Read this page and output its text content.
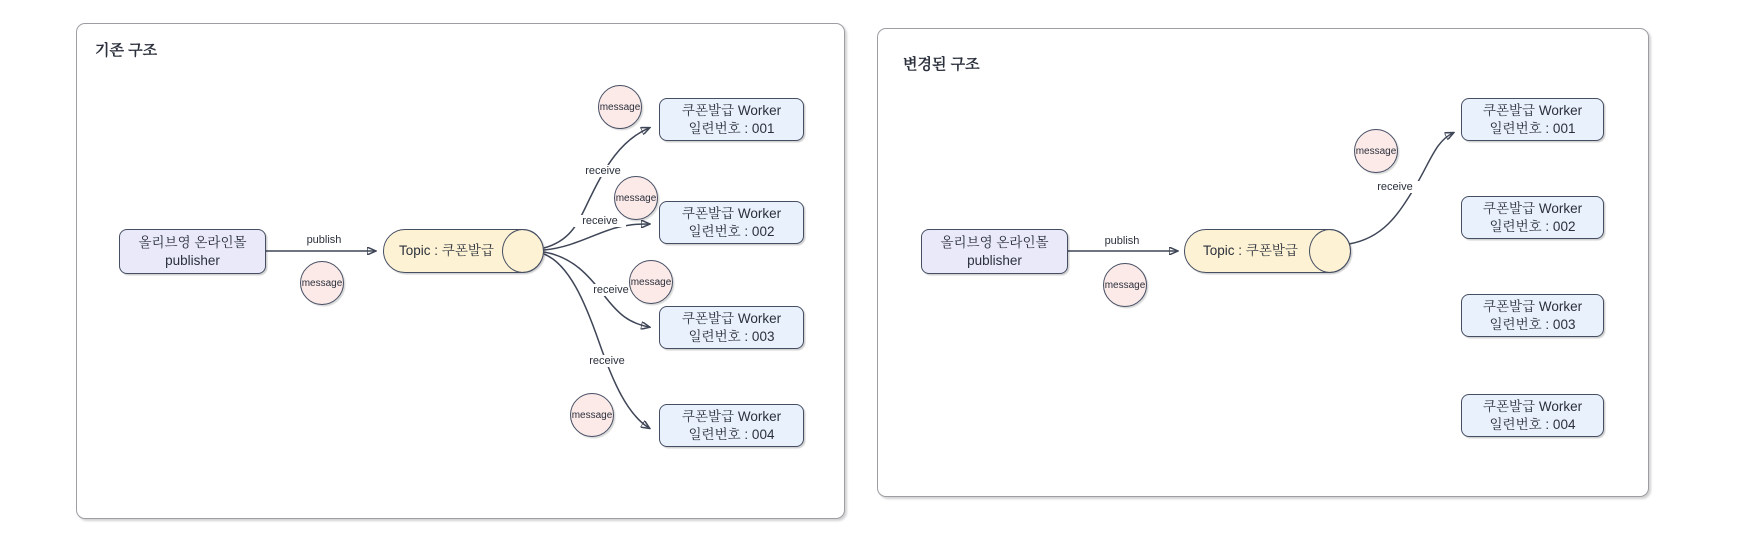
기존 구조
publish
receive
receive
receive
receive
올리브영 온라인몰
publisher
message
Topic : 쿠폰발급
message
message
message
message
쿠폰발급 Worker
일련번호 : 001
쿠폰발급 Worker
일련번호 : 002
쿠폰발급 Worker
일련번호 : 003
쿠폰발급 Worker
일련번호 : 004
변경된 구조
publish
receive
올리브영 온라인몰
publisher
message
Topic : 쿠폰발급
message
쿠폰발급 Worker
일련번호 : 001
쿠폰발급 Worker
일련번호 : 002
쿠폰발급 Worker
일련번호 : 003
쿠폰발급 Worker
일련번호 : 004
